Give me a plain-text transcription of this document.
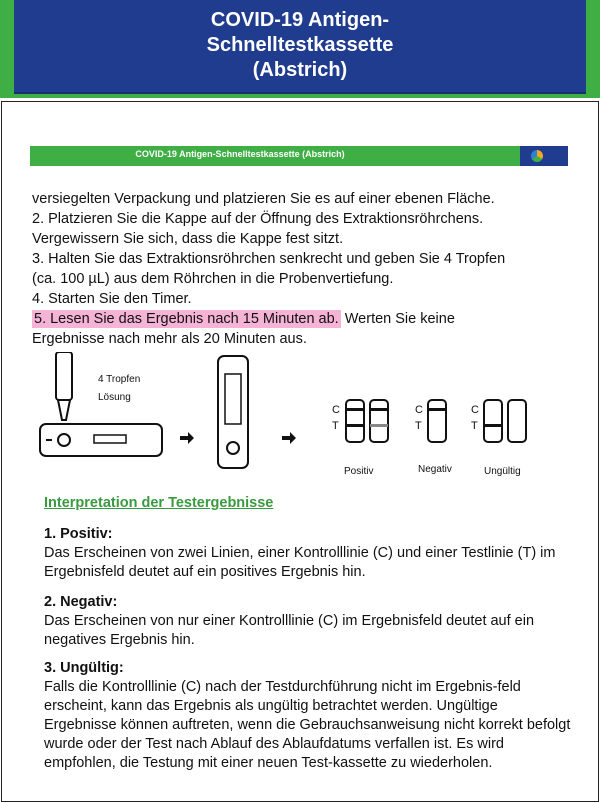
COVID-19 Antigen-
Schnelltestkassette
(Abstrich)
COVID-19 Antigen-Schnelltestkassette (Abstrich)

versiegelten Verpackung und platzieren Sie es auf einer ebenen Fläche.

2. Platzieren Sie die Kappe auf der Öffnung des Extraktionsröhrchens.

Vergewissern Sie sich, dass die Kappe fest sitzt.

3. Halten Sie das Extraktionsröhrchen senkrecht und geben Sie 4 Tropfen

(ca. 100 µL) aus dem Röhrchen in die Probenvertiefung.

4. Starten Sie den Timer.

5. Lesen Sie das Ergebnis nach 15 Minuten ab. Werten Sie keine

Ergebnisse nach mehr als 20 Minuten aus.

4 Tropfen
Lösung
C
T
C
T
C
T
Positiv	Negativ	Ungültig
Interpretation der Testergebnisse
1. Positiv:
Das Erscheinen von zwei Linien, einer Kontrolllinie (C) und einer Testlinie (T) im Ergebnisfeld deutet auf ein positives Ergebnis hin.
2. Negativ:
Das Erscheinen von nur einer Kontrolllinie (C) im Ergebnisfeld deutet auf ein negatives Ergebnis hin.
3. Ungültig:
Falls die Kontrolllinie (C) nach der Testdurchführung nicht im Ergebnis-feld erscheint, kann das Ergebnis als ungültig betrachtet werden. Ungültige Ergebnisse können auftreten, wenn die Gebrauchsanweisung nicht korrekt befolgt wurde oder der Test nach Ablauf des Ablaufdatums verfallen ist. Es wird empfohlen, die Testung mit einer neuen Test-kassette zu wiederholen.
